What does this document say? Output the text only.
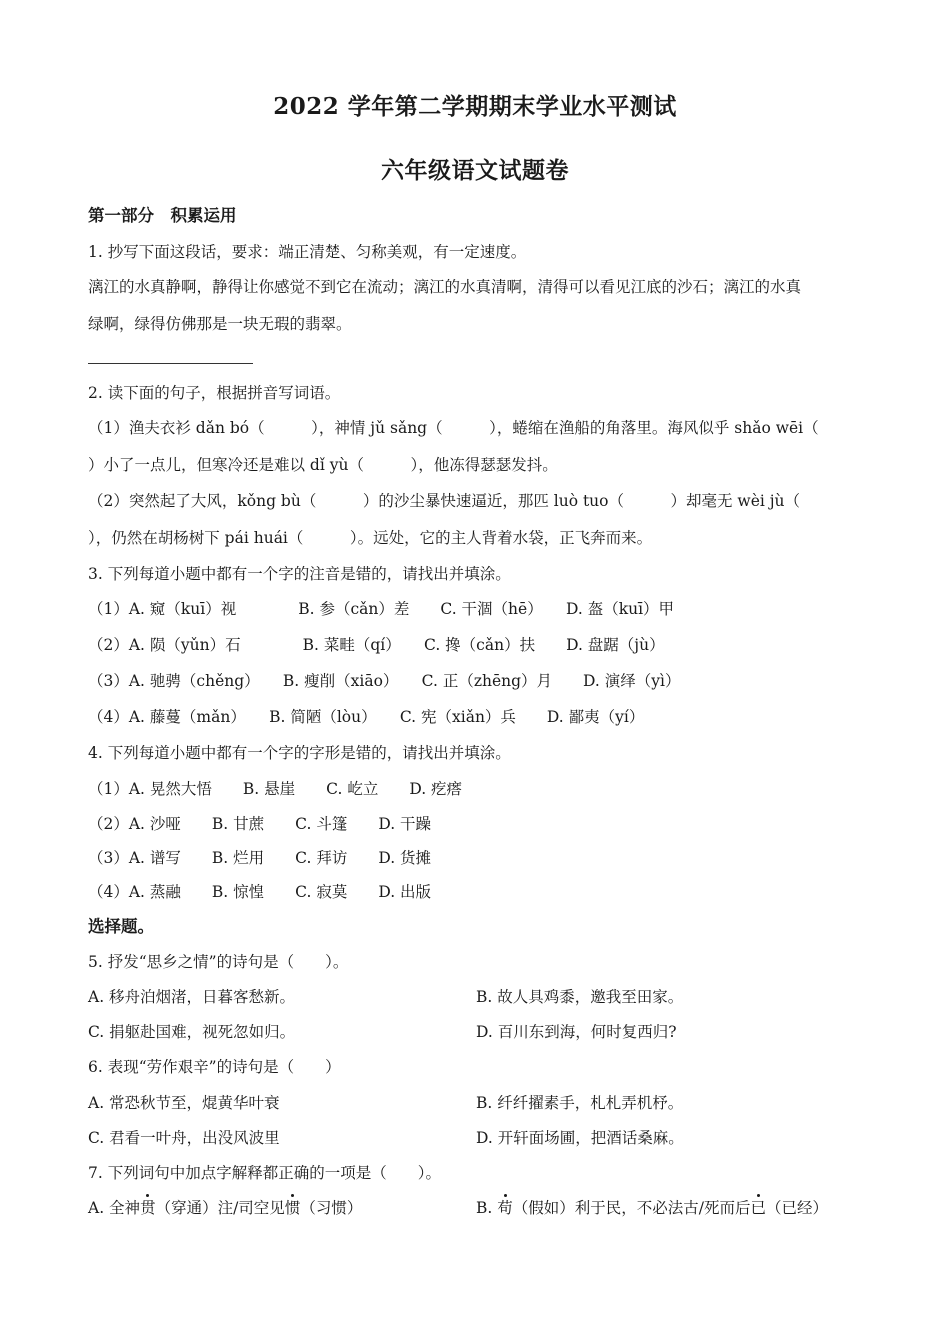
2022 学年第二学期期末学业水平测试
六年级语文试题卷
第一部分　积累运用
1. 抄写下面这段话，要求：端正清楚、匀称美观，有一定速度。
漓江的水真静啊，静得让你感觉不到它在流动；漓江的水真清啊，清得可以看见江底的沙石；漓江的水真
绿啊，绿得仿佛那是一块无瑕的翡翠。
2. 读下面的句子，根据拼音写词语。
（1）渔夫衣衫 dǎn bó（　　　），神情 jǔ sǎng（　　　），蜷缩在渔船的角落里。海风似乎 shǎo wēi（
）小了一点儿，但寒冷还是难以 dǐ yù（　　　），他冻得瑟瑟发抖。
（2）突然起了大风，kǒng bù（　　　）的沙尘暴快速逼近，那匹 luò tuo（　　　）却毫无 wèi jù（
），仍然在胡杨树下 pái huái（　　　）。远处，它的主人背着水袋，正飞奔而来。
3. 下列每道小题中都有一个字的注音是错的，请找出并填涂。
（1）A. 窥（kuī）视　　　　B. 参（cǎn）差　　C. 干涸（hē）　　D. 盔（kuī）甲
（2）A. 陨（yǔn）石　　　　B. 菜畦（qí）　　C. 搀（cǎn）扶　　D. 盘踞（jù）
（3）A. 驰骋（chěng）　　B. 瘦削（xiāo）　　C. 正（zhēng）月　　D. 演绎（yì）
（4）A. 藤蔓（mǎn）　　B. 简陋（lòu）　　C. 宪（xiǎn）兵　　D. 鄙夷（yí）
4. 下列每道小题中都有一个字的字形是错的，请找出并填涂。
（1）A. 晃然大悟　　B. 悬崖　　C. 屹立　　D. 疙瘩
（2）A. 沙哑　　B. 甘蔗　　C. 斗篷　　D. 干躁
（3）A. 谱写　　B. 烂用　　C. 拜访　　D. 货摊
（4）A. 蒸融　　B. 惊惶　　C. 寂莫　　D. 出版
选择题。
5. 抒发“思乡之情”的诗句是（　　）。
A. 移舟泊烟渚，日暮客愁新。	B. 故人具鸡黍，邀我至田家。
C. 捐躯赴国难，视死忽如归。	D. 百川东到海，何时复西归?
6. 表现“劳作艰辛”的诗句是（　　）
A. 常恐秋节至，焜黄华叶衰	B. 纤纤擢素手，札札弄机杼。
C. 君看一叶舟，出没风波里	D. 开轩面场圃，把酒话桑麻。
7. 下列词句中加点字解释都正确的一项是（　　）。
A. 全神贯（穿通）注/司空见惯（习惯）	B. 苟（假如）利于民，不必法古/死而后已（已经）
